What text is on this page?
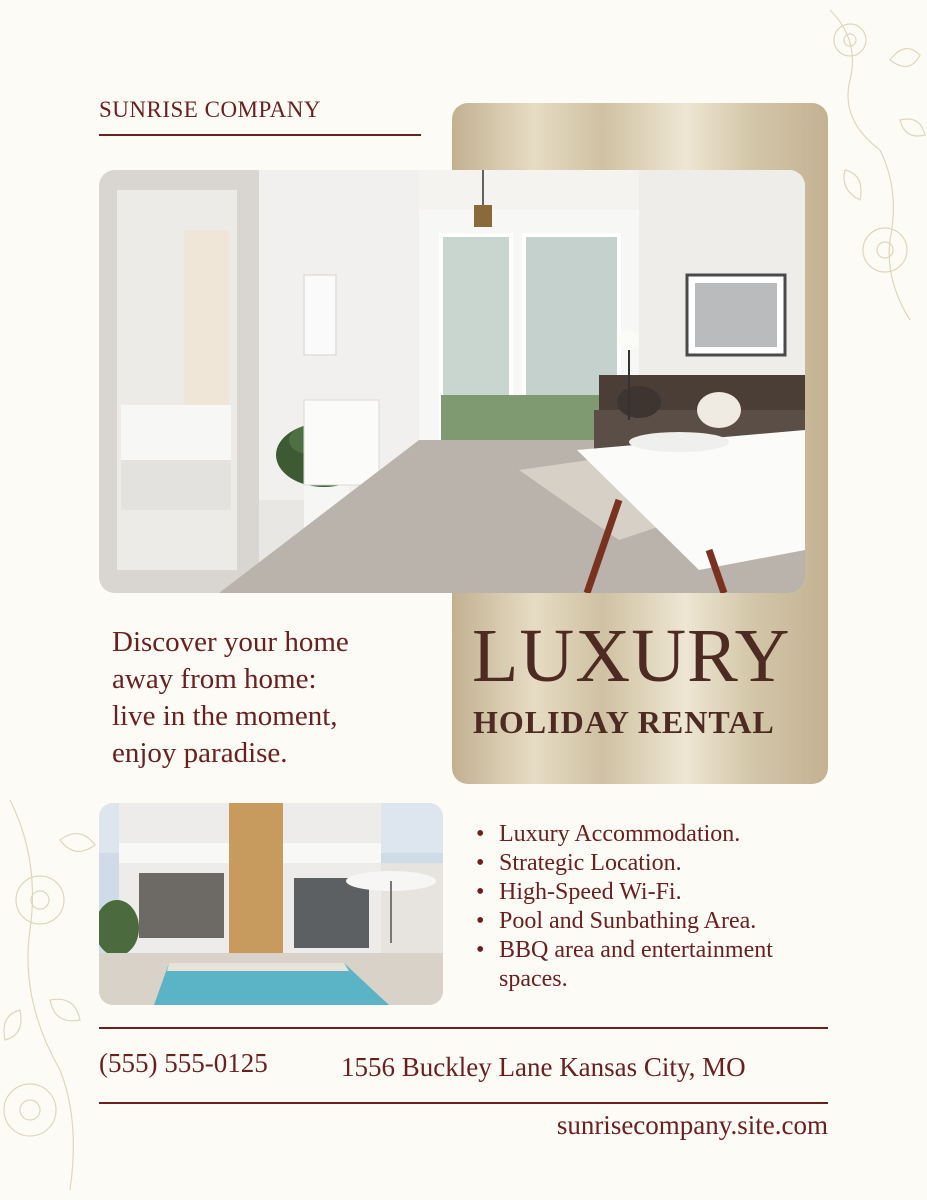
SUNRISE COMPANY
Discover your home
away from home:
live in the moment,
enjoy paradise.
LUXURY
HOLIDAY RENTAL
• Luxury Accommodation.
• Strategic Location.
• High-Speed Wi-Fi.
• Pool and Sunbathing Area.
• BBQ area and entertainment spaces.
(555) 555-0125	1556 Buckley Lane Kansas City, MO
sunrisecompany.site.com
